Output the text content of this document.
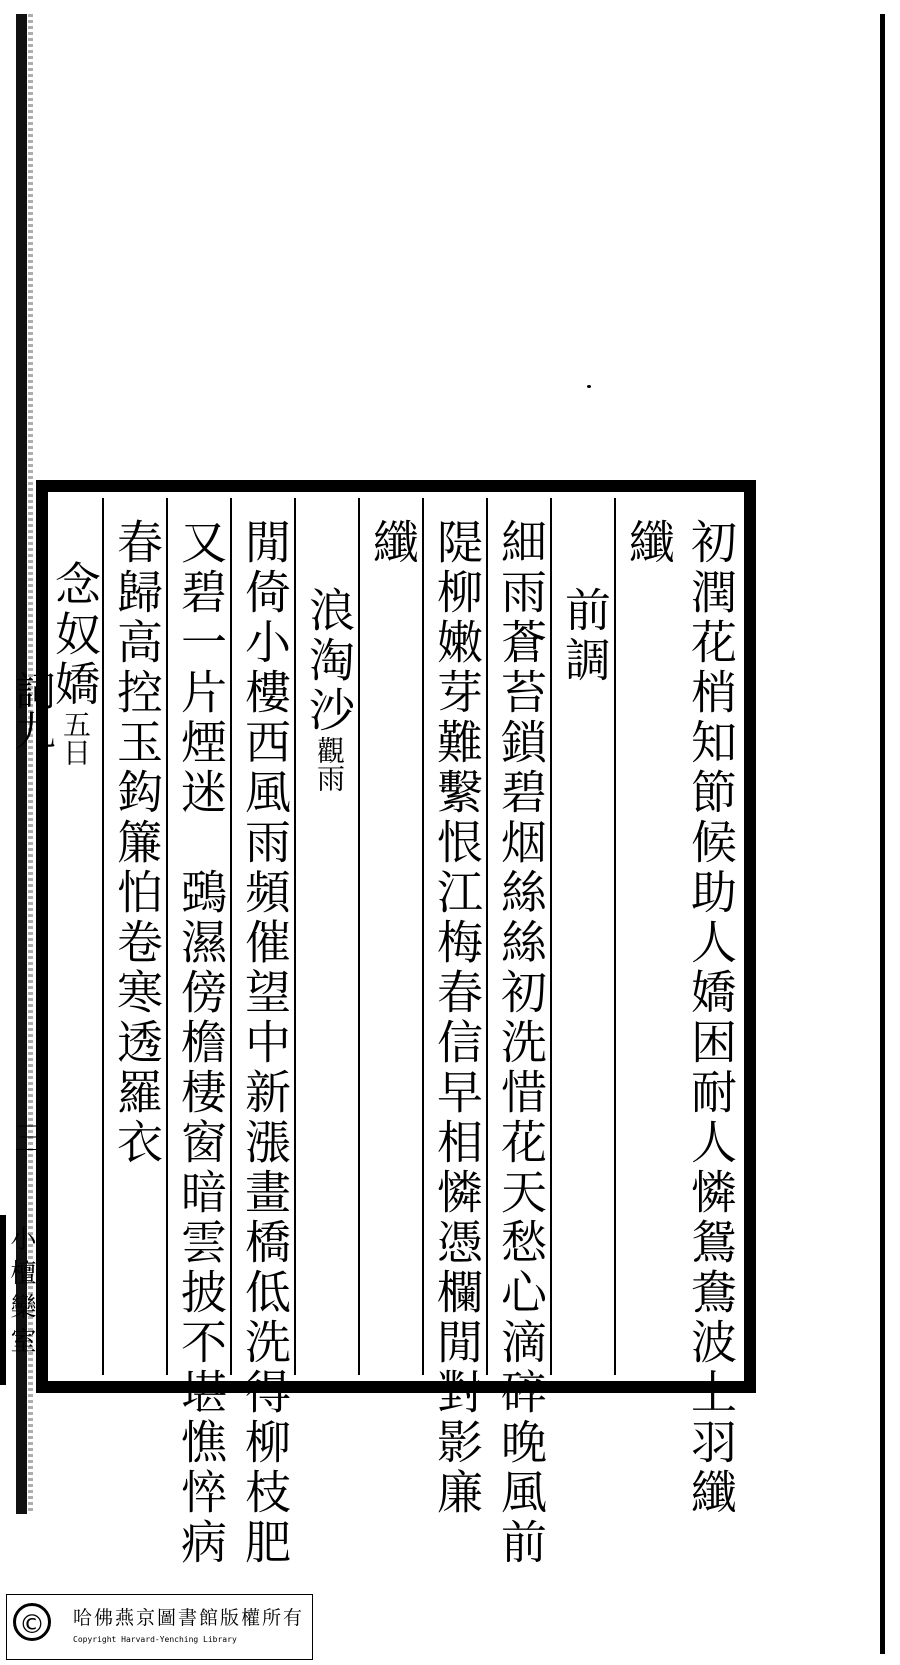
初潤花梢知節候助人嬌困耐人憐鴛鴦波上羽纖
纖
前調
細雨蒼苔鎖碧烟絲絲初洗惜花天愁心滴碎晚風前
隄柳嫩芽難繫恨江梅春信早相憐憑欄閒對影廉
纖
浪淘沙觀雨
閒倚小樓西風雨頻催望中新漲畫橋低洗得柳枝肥
又碧一片煙迷　鵶濕傍檐棲窗暗雲披不堪憔悴病
春歸高控玉鈎簾怕卷寒透羅衣
念奴嬌五日
詞九
三
小檀欒室
©	哈佛燕京圖書館版權所有
Copyright Harvard-Yenching Library
